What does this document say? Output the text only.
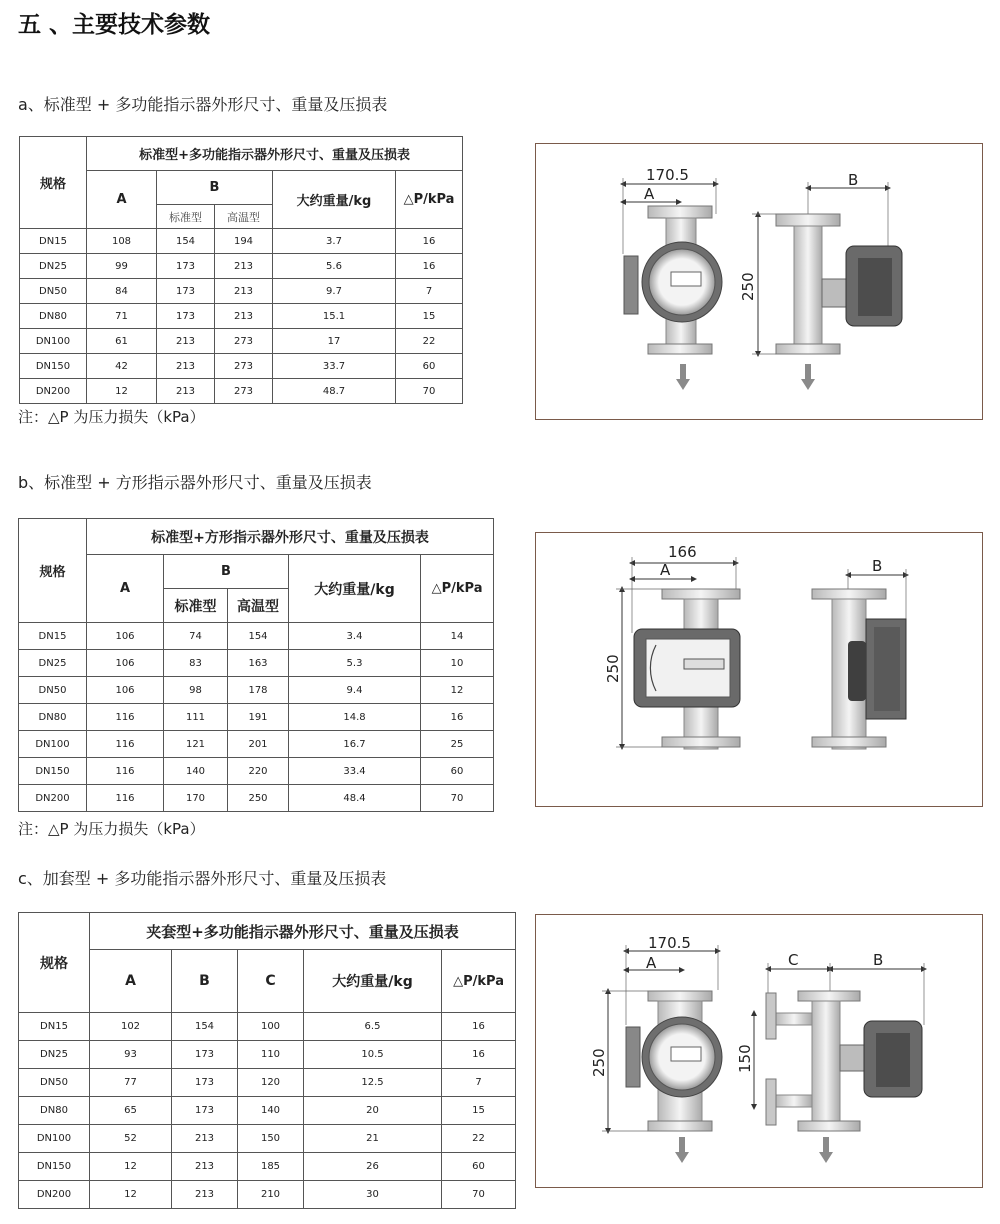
五 、主要技术参数
a、标准型 + 多功能指示器外形尺寸、重量及压损表
规格	标准型+多功能指示器外形尺寸、重量及压损表				
	A	B		大约重量/kg	△P/kPa
		标准型	高温型		
DN15	108	154	194	3.7	16
DN25	99	173	213	5.6	16
DN50	84	173	213	9.7	7
DN80	71	173	213	15.1	15
DN100	61	213	273	17	22
DN150	42	213	273	33.7	60
DN200	12	213	273	48.7	70
注：△P 为压力损失（kPa）
170.5
A
B
250
b、标准型 + 方形指示器外形尺寸、重量及压损表
规格	标准型+方形指示器外形尺寸、重量及压损表				
	A	B		大约重量/kg	△P/kPa
		标准型	高温型		
DN15	106	74	154	3.4	14
DN25	106	83	163	5.3	10
DN50	106	98	178	9.4	12
DN80	116	111	191	14.8	16
DN100	116	121	201	16.7	25
DN150	116	140	220	33.4	60
DN200	116	170	250	48.4	70
注：△P 为压力损失（kPa）
166
A
250
B
c、加套型 + 多功能指示器外形尺寸、重量及压损表
规格	夹套型+多功能指示器外形尺寸、重量及压损表				
	A	B	C	大约重量/kg	△P/kPa
DN15	102	154	100	6.5	16
DN25	93	173	110	10.5	16
DN50	77	173	120	12.5	7
DN80	65	173	140	20	15
DN100	52	213	150	21	22
DN150	12	213	185	26	60
DN200	12	213	210	30	70
170.5
A
250
C	B
150
